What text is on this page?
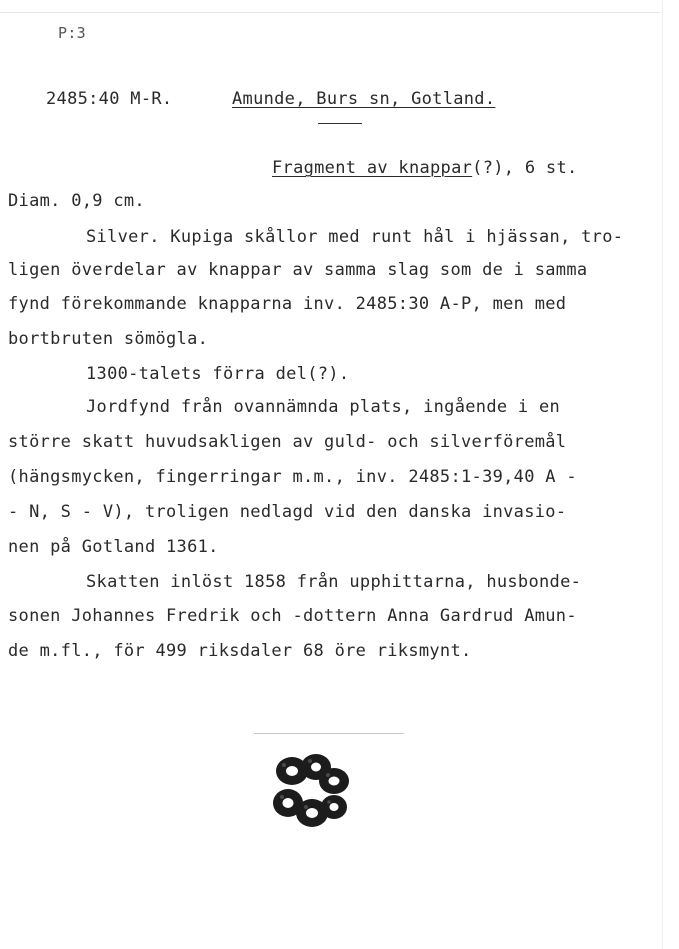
P:3
2485:40 M-R.	Amunde, Burs sn, Gotland.
Fragment av knappar(?), 6 st.
Diam. 0,9 cm.
Silver. Kupiga skållor med runt hål i hjässan, tro-
ligen överdelar av knappar av samma slag som de i samma
fynd förekommande knapparna inv. 2485:30 A-P, men med
bortbruten sömögla.
1300-talets förra del(?).
Jordfynd från ovannämnda plats, ingående i en
större skatt huvudsakligen av guld- och silverföremål
(hängsmycken, fingerringar m.m., inv. 2485:1-39,40 A -
- N, S - V), troligen nedlagd vid den danska invasio-
nen på Gotland 1361.
Skatten inlöst 1858 från upphittarna, husbonde-
sonen Johannes Fredrik och -dottern Anna Gardrud Amun-
de m.fl., för 499 riksdaler 68 öre riksmynt.
